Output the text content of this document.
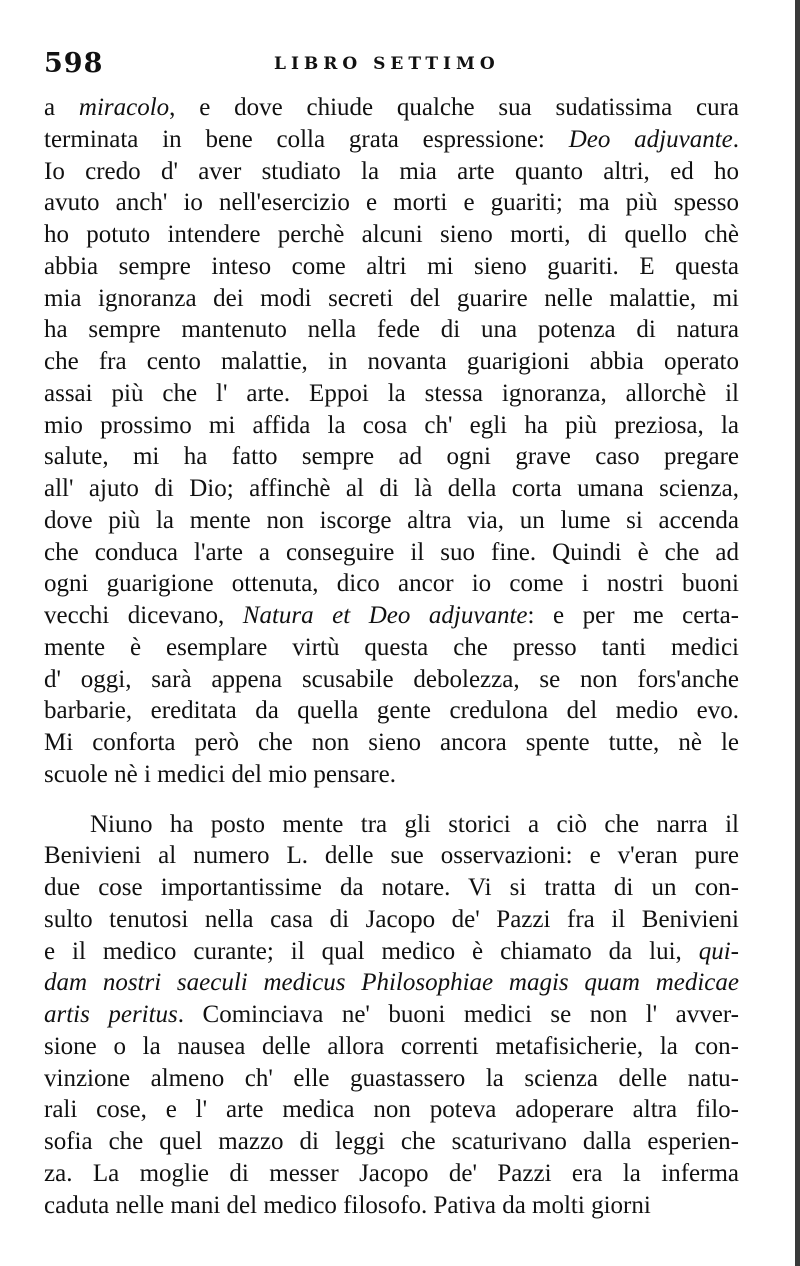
598	LIBRO SETTIMO
a miracolo, e dove chiude qualche sua sudatissima cura
terminata in bene colla grata espressione: Deo adjuvante.
Io credo d' aver studiato la mia arte quanto altri, ed ho
avuto anch' io nell'esercizio e morti e guariti; ma più spesso
ho potuto intendere perchè alcuni sieno morti, di quello chè
abbia sempre inteso come altri mi sieno guariti. E questa
mia ignoranza dei modi secreti del guarire nelle malattie, mi
ha sempre mantenuto nella fede di una potenza di natura
che fra cento malattie, in novanta guarigioni abbia operato
assai più che l' arte. Eppoi la stessa ignoranza, allorchè il
mio prossimo mi affida la cosa ch' egli ha più preziosa, la
salute, mi ha fatto sempre ad ogni grave caso pregare
all' ajuto di Dio; affinchè al di là della corta umana scienza,
dove più la mente non iscorge altra via, un lume si accenda
che conduca l'arte a conseguire il suo fine. Quindi è che ad
ogni guarigione ottenuta, dico ancor io come i nostri buoni
vecchi dicevano, Natura et Deo adjuvante: e per me certa-
mente è esemplare virtù questa che presso tanti medici
d' oggi, sarà appena scusabile debolezza, se non fors'anche
barbarie, ereditata da quella gente credulona del medio evo.
Mi conforta però che non sieno ancora spente tutte, nè le
scuole nè i medici del mio pensare.
Niuno ha posto mente tra gli storici a ciò che narra il
Benivieni al numero L. delle sue osservazioni: e v'eran pure
due cose importantissime da notare. Vi si tratta di un con-
sulto tenutosi nella casa di Jacopo de' Pazzi fra il Benivieni
e il medico curante; il qual medico è chiamato da lui, qui-
dam nostri saeculi medicus Philosophiae magis quam medicae
artis peritus. Cominciava ne' buoni medici se non l' avver-
sione o la nausea delle allora correnti metafisicherie, la con-
vinzione almeno ch' elle guastassero la scienza delle natu-
rali cose, e l' arte medica non poteva adoperare altra filo-
sofia che quel mazzo di leggi che scaturivano dalla esperien-
za. La moglie di messer Jacopo de' Pazzi era la inferma
caduta nelle mani del medico filosofo. Pativa da molti giorni
